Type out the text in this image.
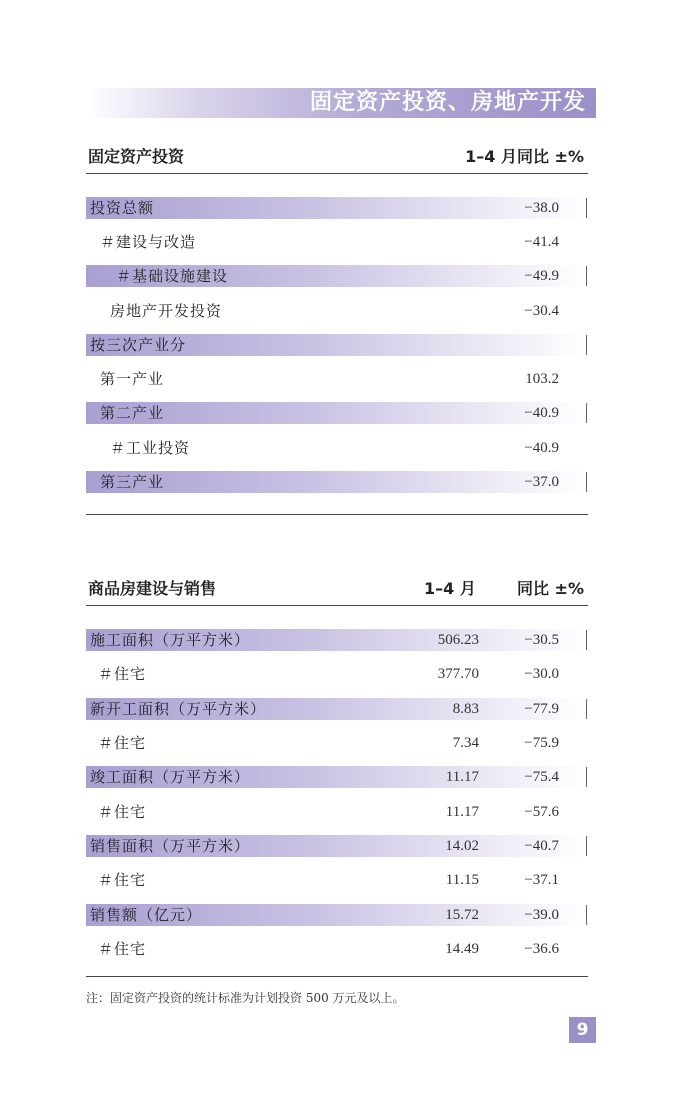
固定资产投资、房地产开发
固定资产投资	1–4 月同比 ±%
投资总额	−38.0
＃建设与改造	−41.4
＃基础设施建设	−49.9
房地产开发投资	−30.4
按三次产业分
第一产业	103.2
第二产业	−40.9
＃工业投资	−40.9
第三产业	−37.0
商品房建设与销售	1–4 月	同比 ±%
施工面积（万平方米）	506.23	−30.5
＃住宅	377.70	−30.0
新开工面积（万平方米）	8.83	−77.9
＃住宅	7.34	−75.9
竣工面积（万平方米）	11.17	−75.4
＃住宅	11.17	−57.6
销售面积（万平方米）	14.02	−40.7
＃住宅	11.15	−37.1
销售额（亿元）	15.72	−39.0
＃住宅	14.49	−36.6
注：固定资产投资的统计标准为计划投资 500 万元及以上。
9
